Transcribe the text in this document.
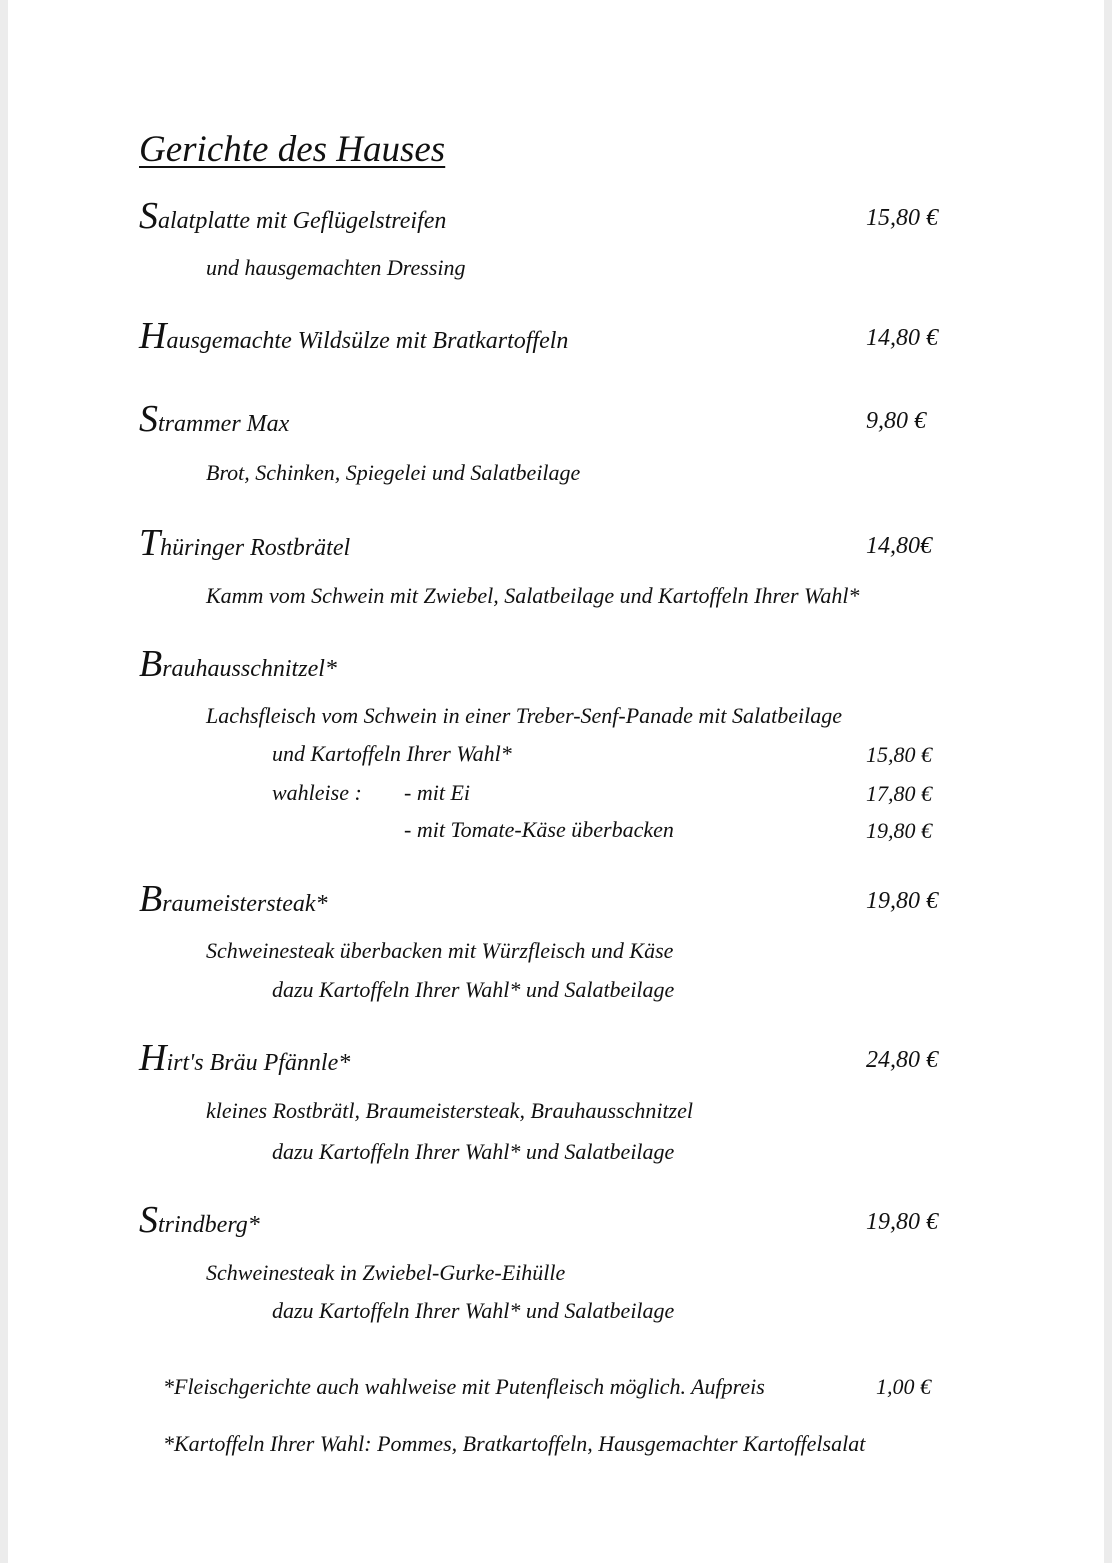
Gerichte des Hauses
Salatplatte mit Geflügelstreifen	15,80 €
und hausgemachten Dressing
Hausgemachte Wildsülze mit Bratkartoffeln	14,80 €
Strammer Max	9,80 €
Brot, Schinken, Spiegelei und Salatbeilage
Thüringer Rostbrätel	14,80€
Kamm vom Schwein mit Zwiebel, Salatbeilage und Kartoffeln Ihrer Wahl*
Brauhausschnitzel*
Lachsfleisch vom Schwein in einer Treber-Senf-Panade mit Salatbeilage
und Kartoffeln Ihrer Wahl*	15,80 €
wahleise : - mit Ei	17,80 €
- mit Tomate-Käse überbacken	19,80 €
Braumeistersteak*	19,80 €
Schweinesteak überbacken mit Würzfleisch und Käse
dazu Kartoffeln Ihrer Wahl* und Salatbeilage
Hirt's Bräu Pfännle*	24,80 €
kleines Rostbrätl, Braumeistersteak, Brauhausschnitzel
dazu Kartoffeln Ihrer Wahl* und Salatbeilage
Strindberg*	19,80 €
Schweinesteak in Zwiebel-Gurke-Eihülle
dazu Kartoffeln Ihrer Wahl* und Salatbeilage
*Fleischgerichte auch wahlweise mit Putenfleisch möglich. Aufpreis	1,00 €
*Kartoffeln Ihrer Wahl: Pommes, Bratkartoffeln, Hausgemachter Kartoffelsalat
